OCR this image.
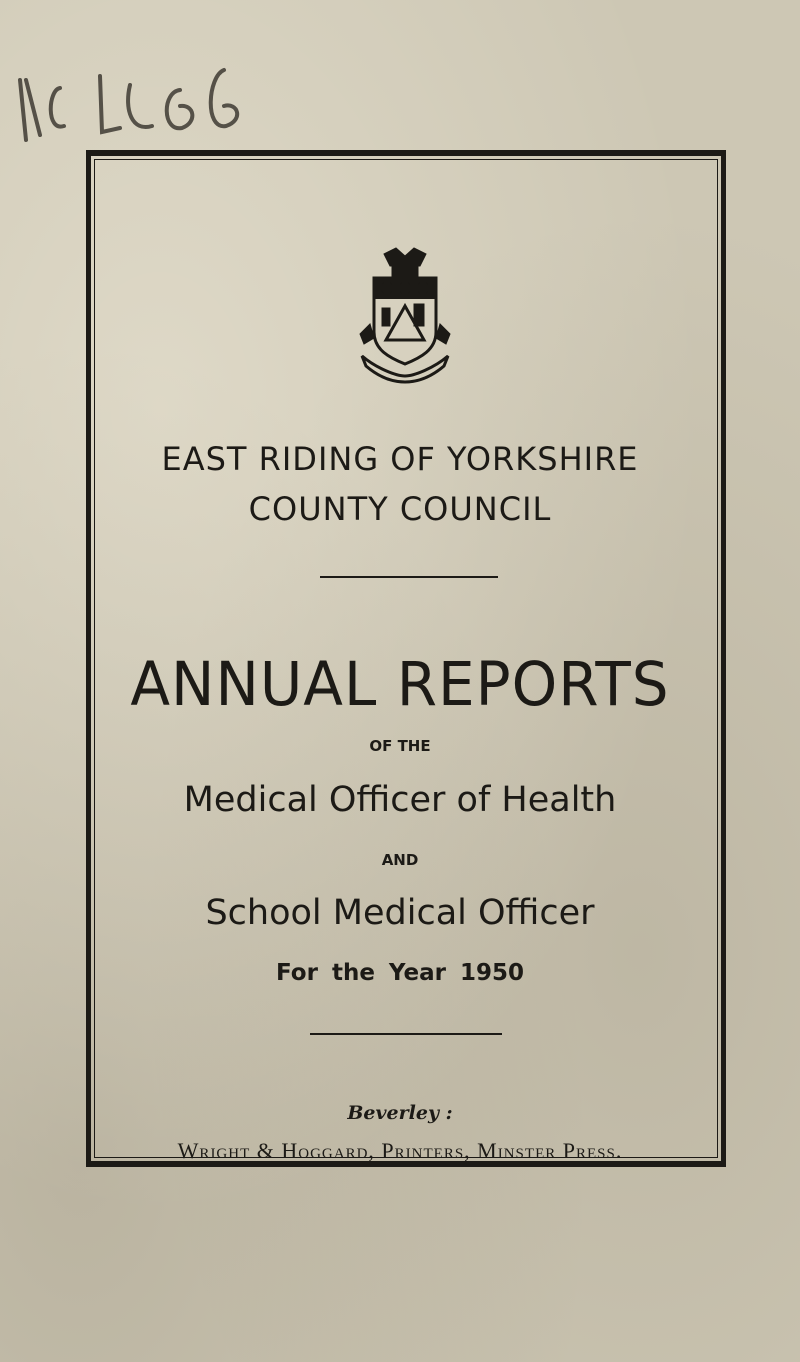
EAST RIDING OF YORKSHIRE
COUNTY COUNCIL
ANNUAL REPORTS
OF THE
Medical Officer of Health
AND
School Medical Officer
For the Year 1950
Beverley :
Wright & Hoggard, Printers, Minster Press.
